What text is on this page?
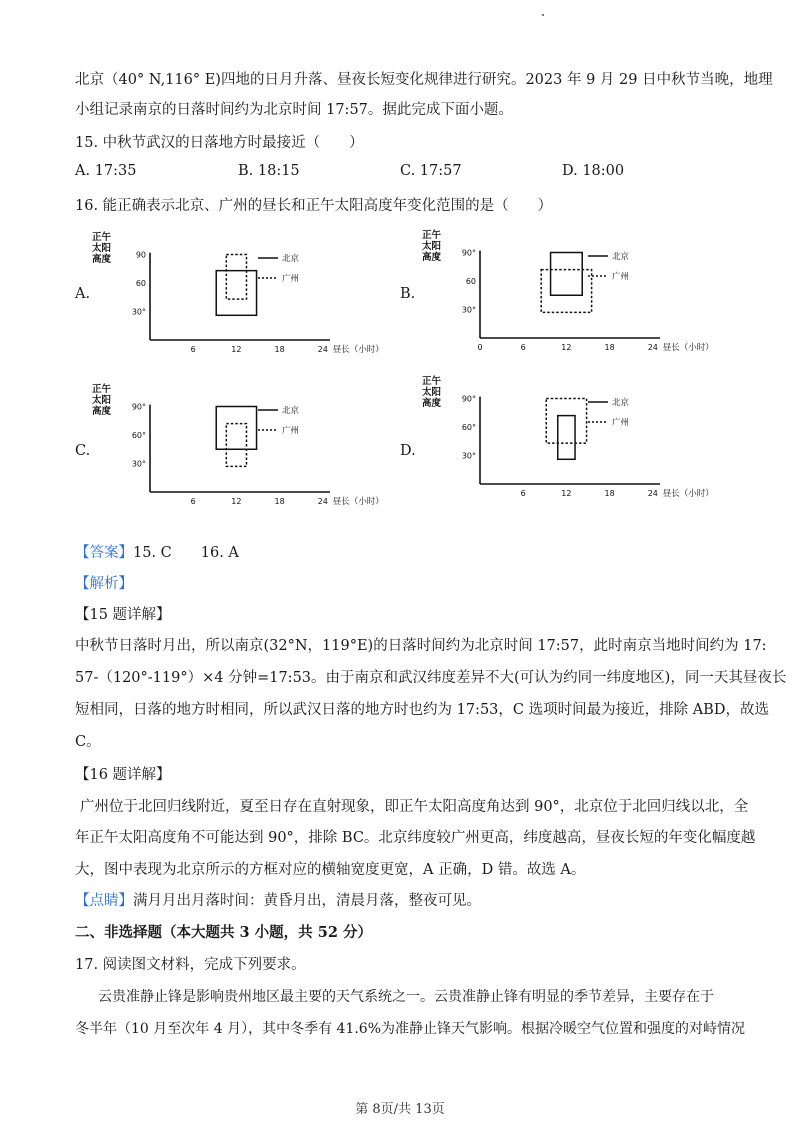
北京（40° N,116° E)四地的日月升落、昼夜长短变化规律进行研究。2023 年 9 月 29 日中秋节当晚，地理
小组记录南京的日落时间约为北京时间 17:57。据此完成下面小题。
15. 中秋节武汉的日落地方时最接近（　　）
A. 17:35	B. 18:15	C. 17:57	D. 18:00
16. 能正确表示北京、广州的昼长和正午太阳高度年变化范围的是（　　）
A.	B.
C.	D.
正午
太阳
高度	90
60
30°
6	12	18	24 昼长（小时）
北京
广州
正午
太阳
高度	90°
60
30°
0	6	12	18	24 昼长（小时）
北京
广州
正午
太阳
高度	90°
60°
30°
6	12	18	24 昼长（小时）
北京
广州
正午
太阳
高度	90°
60°
30°
6	12	18	24 昼长（小时）
北京
广州
【答案】15. C　　16. A
【解析】
【15 题详解】
中秋节日落时月出，所以南京(32°N，119°E)的日落时间约为北京时间 17:57，此时南京当地时间约为 17:
57-（120°-119°）×4 分钟=17:53。由于南京和武汉纬度差异不大(可认为约同一纬度地区)，同一天其昼夜长
短相同，日落的地方时相同，所以武汉日落的地方时也约为 17:53，C 选项时间最为接近，排除 ABD，故选
C。
【16 题详解】
广州位于北回归线附近，夏至日存在直射现象，即正午太阳高度角达到 90°，北京位于北回归线以北，全
年正午太阳高度角不可能达到 90°，排除 BC。北京纬度较广州更高，纬度越高，昼夜长短的年变化幅度越
大，图中表现为北京所示的方框对应的横轴宽度更宽，A 正确，D 错。故选 A。
【点睛】满月月出月落时间：黄昏月出，清晨月落，整夜可见。
二、非选择题（本大题共 3 小题，共 52 分）
17. 阅读图文材料，完成下列要求。
云贵准静止锋是影响贵州地区最主要的天气系统之一。云贵准静止锋有明显的季节差异，主要存在于
冬半年（10 月至次年 4 月），其中冬季有 41.6%为准静止锋天气影响。根据冷暖空气位置和强度的对峙情况
第 8页/共 13页
